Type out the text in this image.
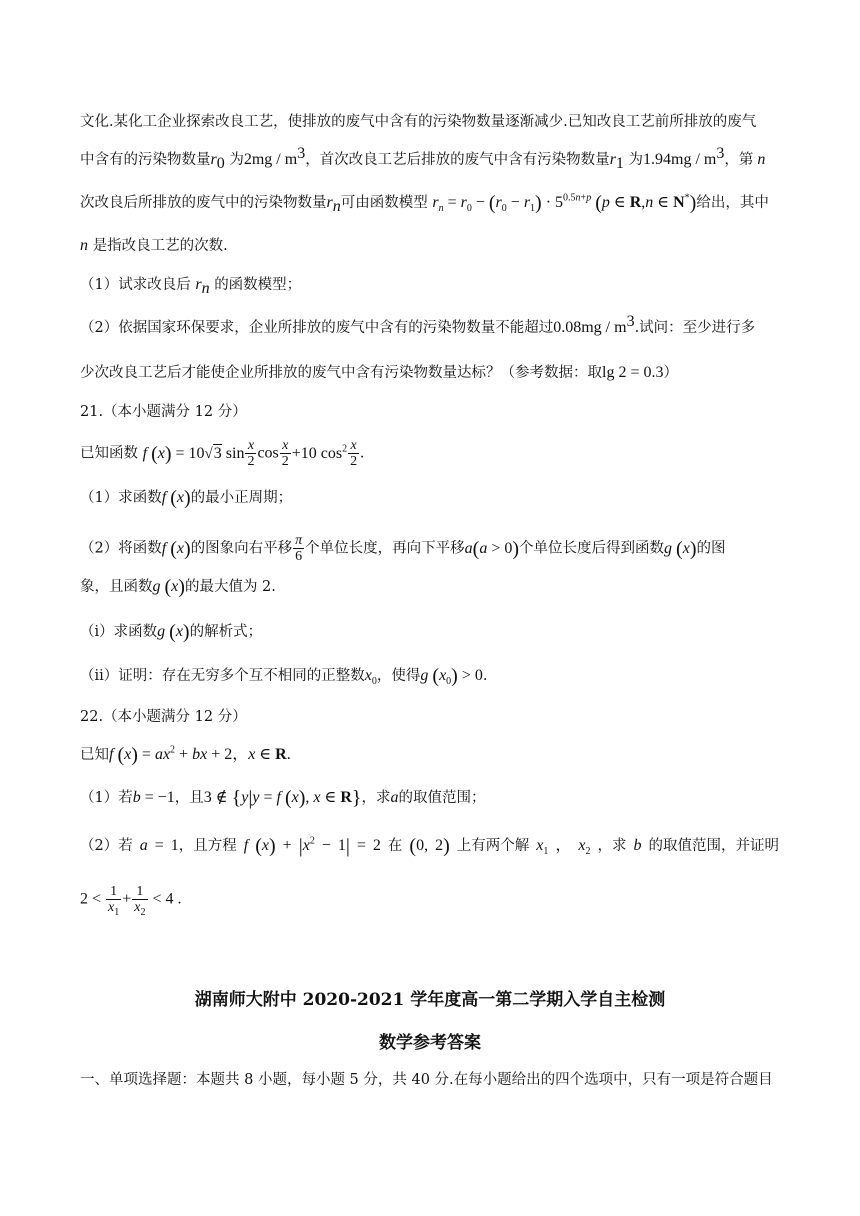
文化.某化工企业探索改良工艺，使排放的废气中含有的污染物数量逐渐减少.已知改良工艺前所排放的废气
中含有的污染物数量$r_0$ 为$2mg / m^3$，首次改良工艺后排放的废气中含有污染物数量$r_1$ 为$1.94mg / m^3$，第 n
次改良后所排放的废气中的污染物数量$r_n$可由函数模型 $r_n = r_0 - (r_0 - r_1) \cdot 5^{0.5n+p}$ (p ∈ R,n ∈ N*)给出，其中
n 是指改良工艺的次数.
（1）试求改良后 $r_n$ 的函数模型；
（2）依据国家环保要求，企业所排放的废气中含有的污染物数量不能超过$0.08mg / m^3$.试问：至少进行多
少次改良工艺后才能使企业所排放的废气中含有污染物数量达标？（参考数据：取lg 2 = 0.3）
21.（本小题满分 12 分）
已知函数 f (x) = 10√3 $\sin \frac{x}{2}$ $\cos \frac{x}{2} +10$ $\cos^2 \frac{x}{2}$ .
（1）求函数f (x)的最小正周期；
（2）将函数f (x)的图象向右平移 $\frac{\pi}{6}$ 个单位长度，再向下平移a(a > 0)个单位长度后得到函数g (x)的图
象，且函数g (x)的最大值为 2.
（i）求函数g (x)的解析式；
（ii）证明：存在无穷多个互不相同的正整数$x_0$，使得g $(x_0) > 0$.
22.（本小题满分 12 分）
已知f $(x) = ax^2$ + bx + 2，x ∈ R.
（1）若b = −1，且3 ∉ {y|y = f (x), x ∈ R}，求a的取值范围；
（2）若 a = 1，且方程 f $(x) + |x^2 - 1| = 2$ 在 (0, 2) 上有两个解 $x_1$ ， $x_2$ ，求 b 的取值范围，并证明
$2 < \frac{1}{x_1} + \frac{1}{x_2} < 4$ .
湖南师大附中 2020-2021 学年度高一第二学期入学自主检测
数学参考答案
一、单项选择题：本题共 8 小题，每小题 5 分，共 40 分.在每小题给出的四个选项中，只有一项是符合题目
